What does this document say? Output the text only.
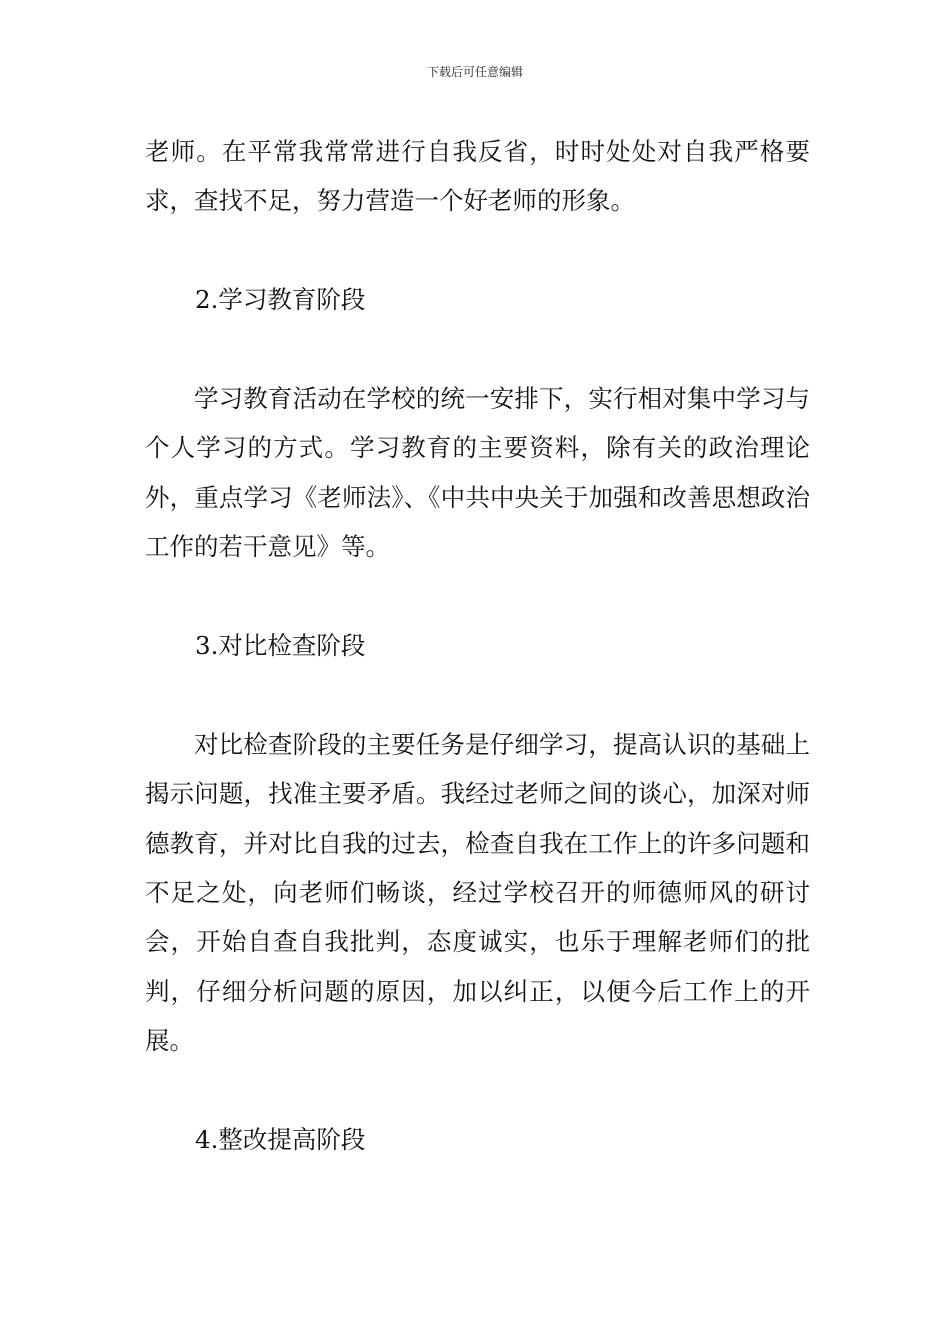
下载后可任意编辑

老师。在平常我常常进行自我反省，时时处处对自我严格要求，查找不足，努力营造一个好老师的形象。

2.学习教育阶段

学习教育活动在学校的统一安排下，实行相对集中学习与个人学习的方式。学习教育的主要资料，除有关的政治理论外，重点学习《老师法》、《中共中央关于加强和改善思想政治工作的若干意见》等。

3.对比检查阶段

对比检查阶段的主要任务是仔细学习，提高认识的基础上揭示问题，找准主要矛盾。我经过老师之间的谈心，加深对师德教育，并对比自我的过去，检查自我在工作上的许多问题和不足之处，向老师们畅谈，经过学校召开的师德师风的研讨会，开始自查自我批判，态度诚实，也乐于理解老师们的批判，仔细分析问题的原因，加以纠正，以便今后工作上的开展。

4.整改提高阶段
